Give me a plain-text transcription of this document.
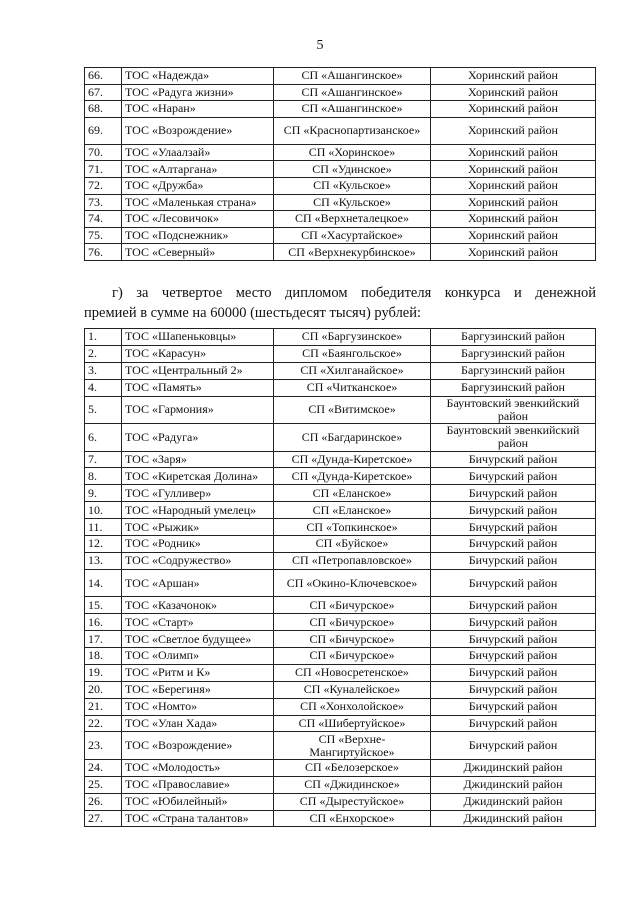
5
66.	ТОС «Надежда»	СП «Ашангинское»	Хоринский район
67.	ТОС «Радуга жизни»	СП «Ашангинское»	Хоринский район
68.	ТОС «Наран»	СП «Ашангинское»	Хоринский район
69.	ТОС «Возрождение»	СП «Краснопартизанское»	Хоринский район
70.	ТОС «Улаалзай»	СП «Хоринское»	Хоринский район
71.	ТОС «Алтаргана»	СП «Удинское»	Хоринский район
72.	ТОС «Дружба»	СП «Кульское»	Хоринский район
73.	ТОС «Маленькая страна»	СП «Кульское»	Хоринский район
74.	ТОС «Лесовичок»	СП «Верхнеталецкое»	Хоринский район
75.	ТОС «Подснежник»	СП «Хасуртайское»	Хоринский район
76.	ТОС «Северный»	СП «Верхнекурбинское»	Хоринский район
г) за четвертое место дипломом победителя конкурса и денежной
премией в сумме на 60000 (шестьдесят тысяч) рублей:
1.	ТОС «Шапеньковцы»	СП «Баргузинское»	Баргузинский район
2.	ТОС «Карасун»	СП «Баянгольское»	Баргузинский район
3.	ТОС «Центральный 2»	СП «Хилганайское»	Баргузинский район
4.	ТОС «Память»	СП «Читканское»	Баргузинский район
5.	ТОС «Гармония»	СП «Витимское»	Баунтовский эвенкийский район
6.	ТОС «Радуга»	СП «Багдаринское»	Баунтовский эвенкийский район
7.	ТОС «Заря»	СП «Дунда-Киретское»	Бичурский район
8.	ТОС «Киретская Долина»	СП «Дунда-Киретское»	Бичурский район
9.	ТОС «Гулливер»	СП «Еланское»	Бичурский район
10.	ТОС «Народный умелец»	СП «Еланское»	Бичурский район
11.	ТОС «Рыжик»	СП «Топкинское»	Бичурский район
12.	ТОС «Родник»	СП «Буйское»	Бичурский район
13.	ТОС «Содружество»	СП «Петропавловское»	Бичурский район
14.	ТОС «Аршан»	СП «Окино-Ключевское»	Бичурский район
15.	ТОС «Казачонок»	СП «Бичурское»	Бичурский район
16.	ТОС «Старт»	СП «Бичурское»	Бичурский район
17.	ТОС «Светлое будущее»	СП «Бичурское»	Бичурский район
18.	ТОС «Олимп»	СП «Бичурское»	Бичурский район
19.	ТОС «Ритм и К»	СП «Новосретенское»	Бичурский район
20.	ТОС «Берегиня»	СП «Куналейское»	Бичурский район
21.	ТОС «Номто»	СП «Хонхолойское»	Бичурский район
22.	ТОС «Улан Хада»	СП «Шибертуйское»	Бичурский район
23.	ТОС «Возрождение»	СП «Верхне-Мангиртуйское»	Бичурский район
24.	ТОС «Молодость»	СП «Белозерское»	Джидинский район
25.	ТОС «Православие»	СП «Джидинское»	Джидинский район
26.	ТОС «Юбилейный»	СП «Дырестуйское»	Джидинский район
27.	ТОС «Страна талантов»	СП «Енхорское»	Джидинский район
